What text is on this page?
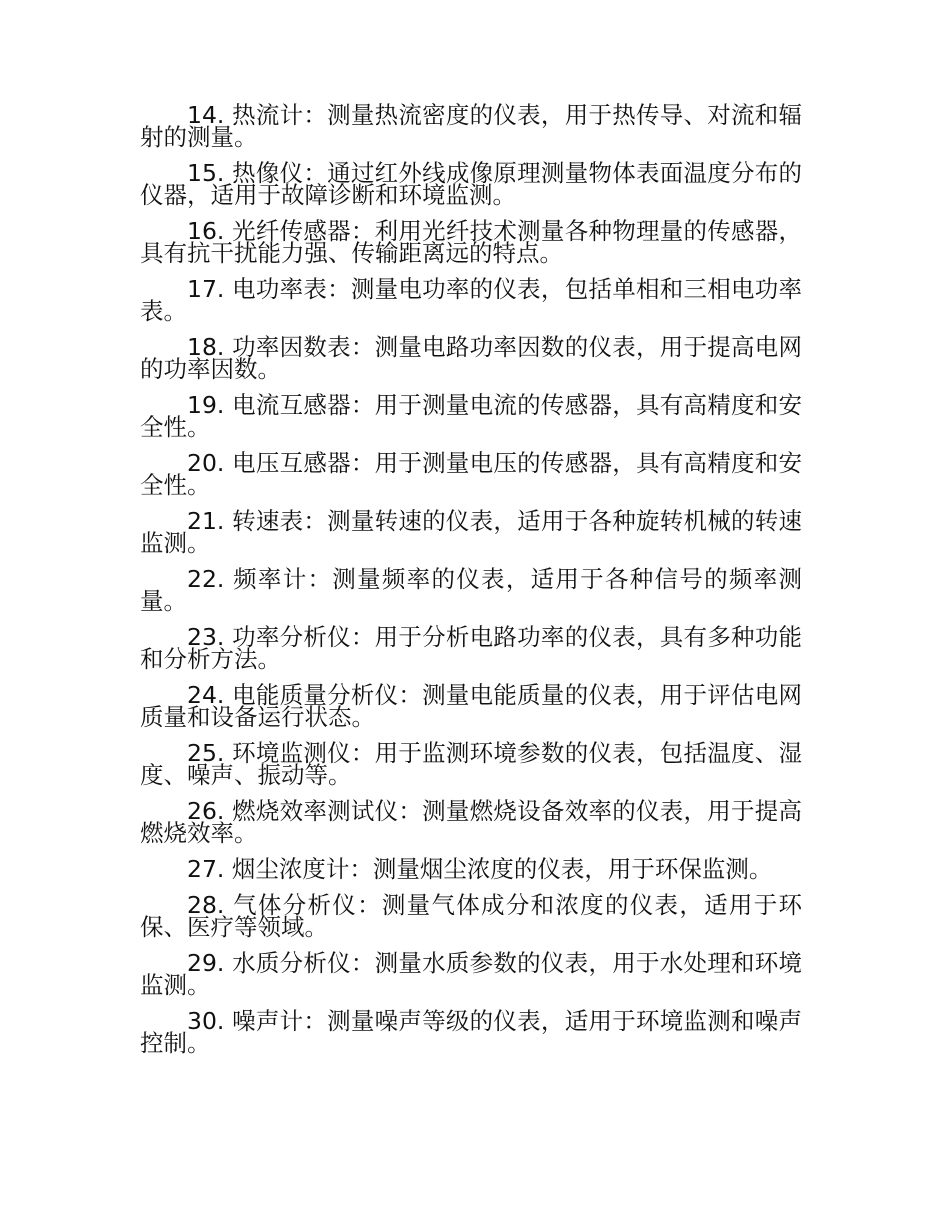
14. 热流计：测量热流密度的仪表，用于热传导、对流和辐射的测量。

15. 热像仪：通过红外线成像原理测量物体表面温度分布的仪器，适用于故障诊断和环境监测。

16. 光纤传感器：利用光纤技术测量各种物理量的传感器，具有抗干扰能力强、传输距离远的特点。

17. 电功率表：测量电功率的仪表，包括单相和三相电功率表。

18. 功率因数表：测量电路功率因数的仪表，用于提高电网的功率因数。

19. 电流互感器：用于测量电流的传感器，具有高精度和安全性。

20. 电压互感器：用于测量电压的传感器，具有高精度和安全性。

21. 转速表：测量转速的仪表，适用于各种旋转机械的转速监测。

22. 频率计：测量频率的仪表，适用于各种信号的频率测量。

23. 功率分析仪：用于分析电路功率的仪表，具有多种功能和分析方法。

24. 电能质量分析仪：测量电能质量的仪表，用于评估电网质量和设备运行状态。

25. 环境监测仪：用于监测环境参数的仪表，包括温度、湿度、噪声、振动等。

26. 燃烧效率测试仪：测量燃烧设备效率的仪表，用于提高燃烧效率。

27. 烟尘浓度计：测量烟尘浓度的仪表，用于环保监测。

28. 气体分析仪：测量气体成分和浓度的仪表，适用于环保、医疗等领域。

29. 水质分析仪：测量水质参数的仪表，用于水处理和环境监测。

30. 噪声计：测量噪声等级的仪表，适用于环境监测和噪声控制。
